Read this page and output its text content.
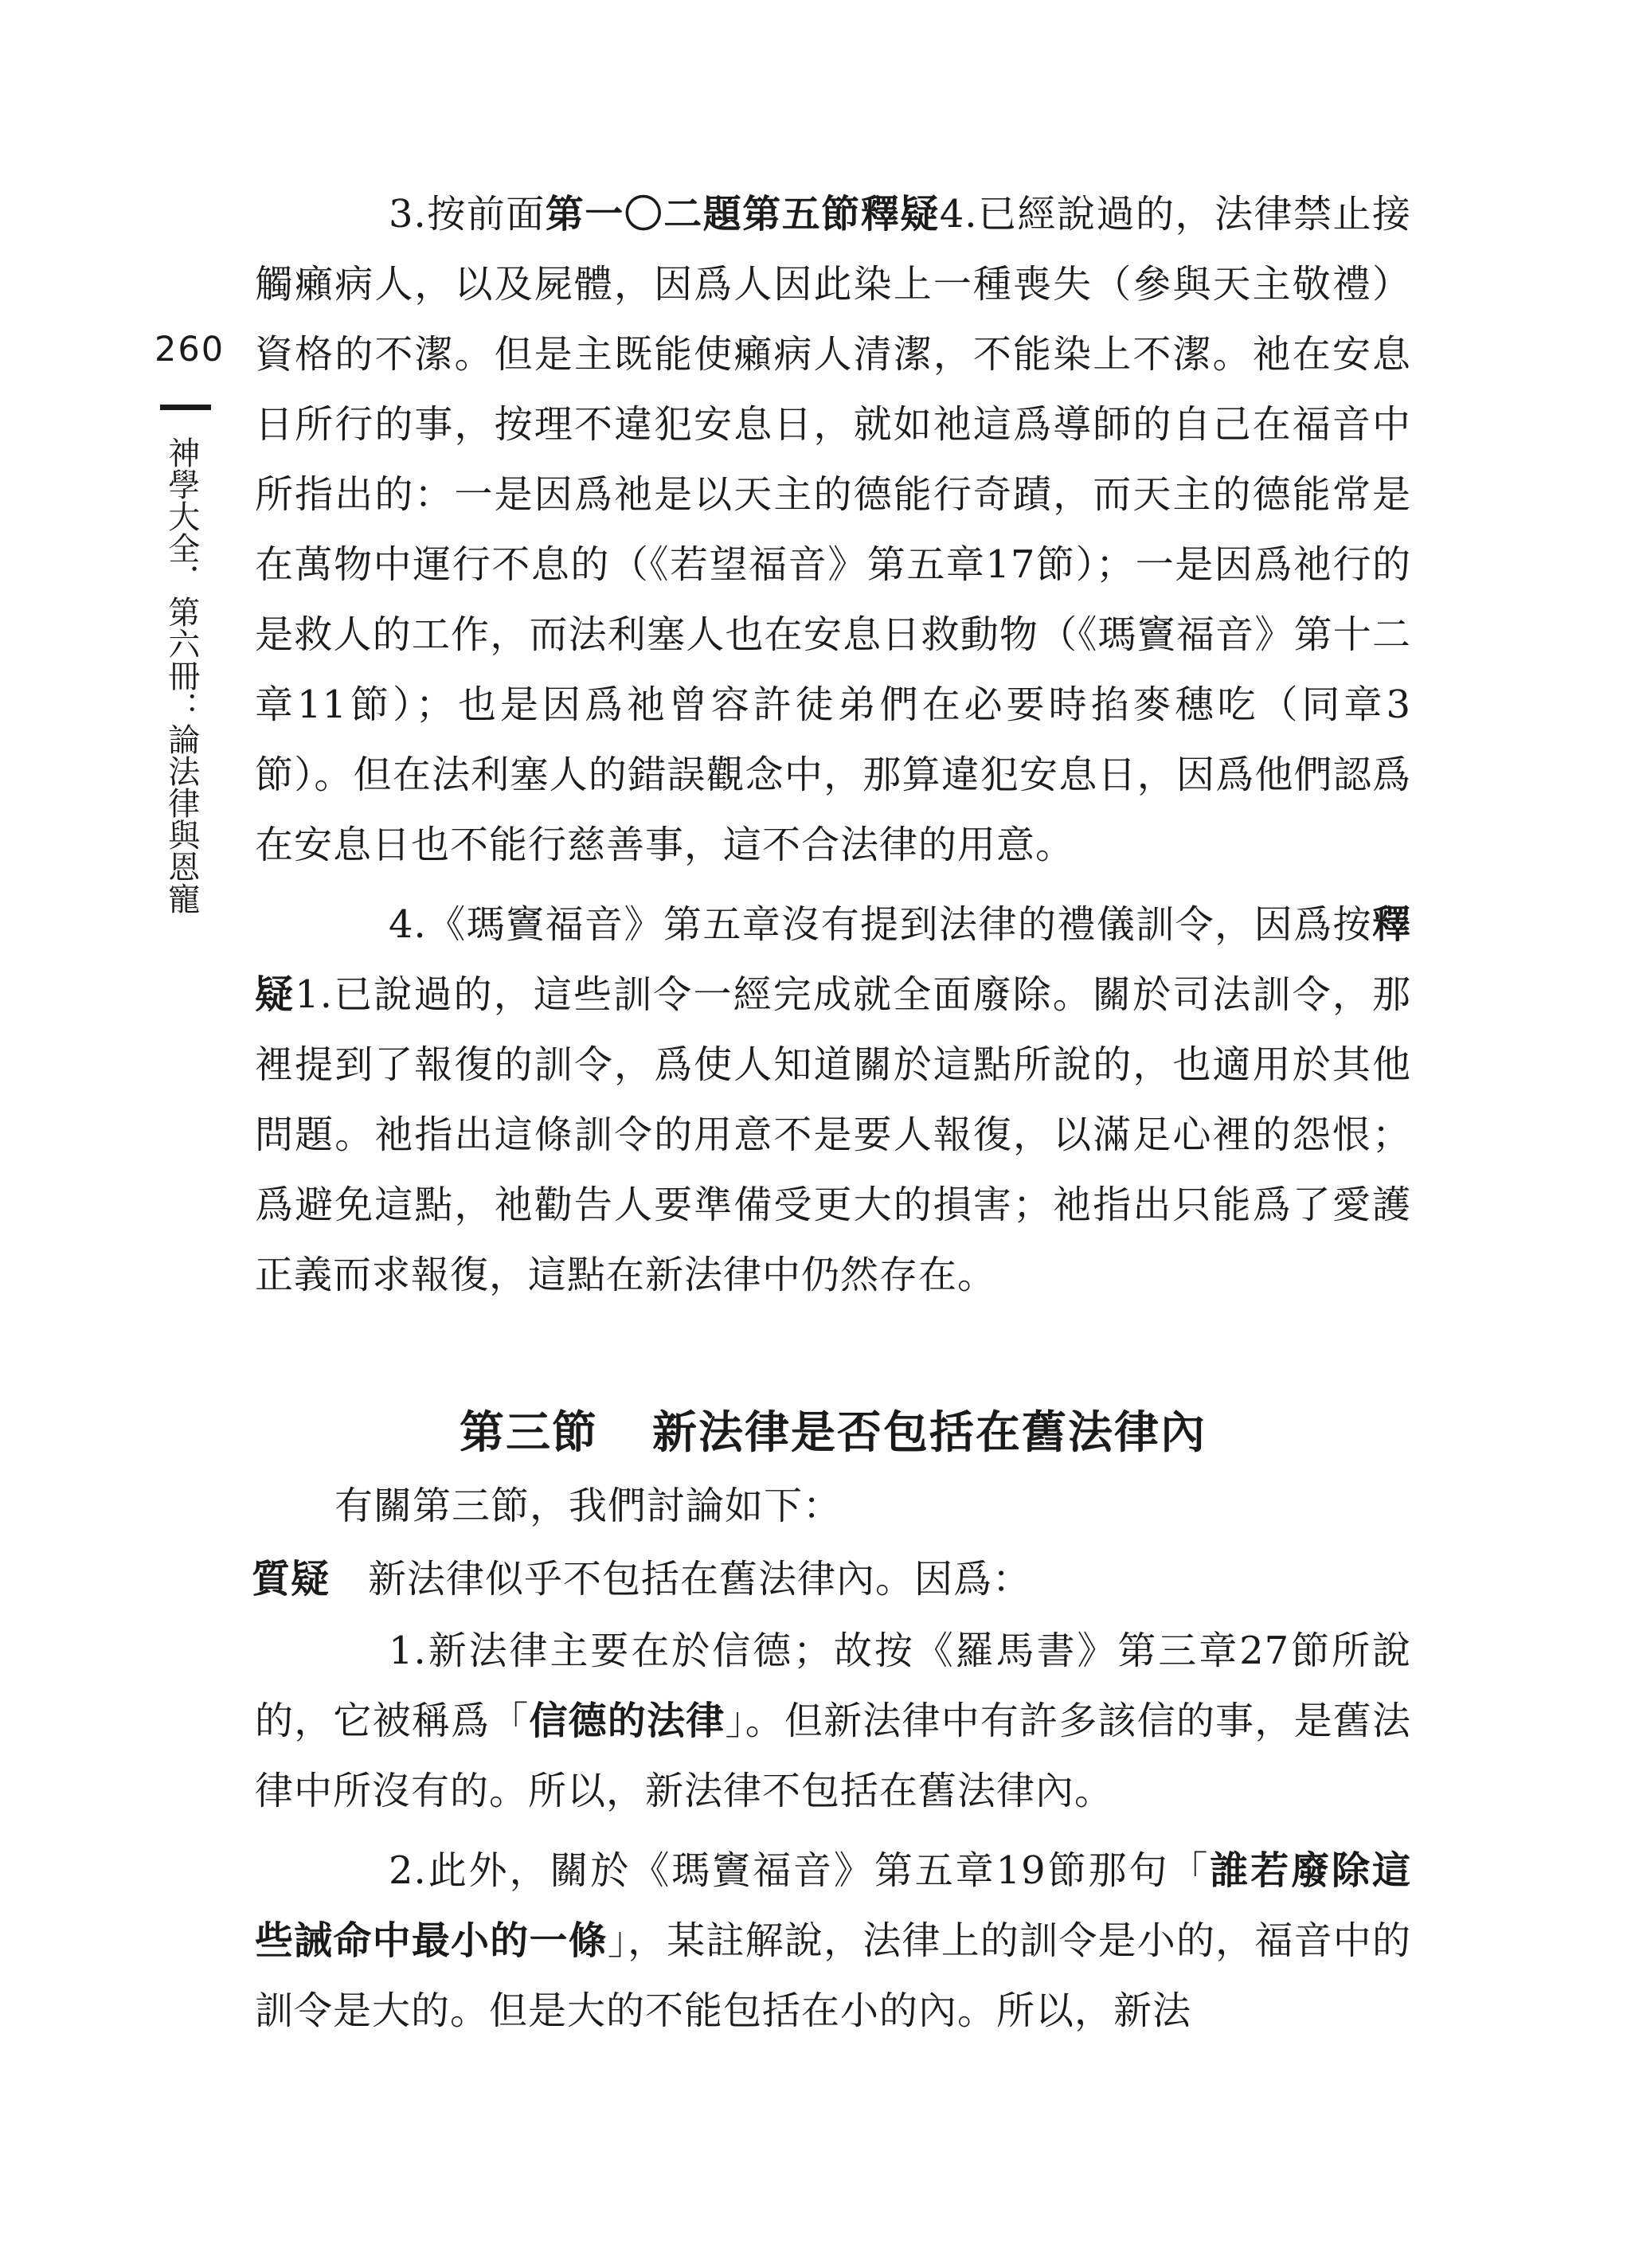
260
神學大全．第六冊：論法律與恩寵

3.按前面第一〇二題第五節釋疑4.已經說過的，法律禁止接觸癩病人，以及屍體，因爲人因此染上一種喪失（參與天主敬禮）資格的不潔。但是主既能使癩病人清潔，不能染上不潔。祂在安息日所行的事，按理不違犯安息日，就如祂這爲導師的自己在福音中所指出的：一是因爲祂是以天主的德能行奇蹟，而天主的德能常是在萬物中運行不息的（《若望福音》第五章17節）；一是因爲祂行的是救人的工作，而法利塞人也在安息日救動物（《瑪竇福音》第十二章11節）；也是因爲祂曾容許徒弟們在必要時掐麥穗吃（同章3節）。但在法利塞人的錯誤觀念中，那算違犯安息日，因爲他們認爲在安息日也不能行慈善事，這不合法律的用意。

4.《瑪竇福音》第五章沒有提到法律的禮儀訓令，因爲按釋疑1.已說過的，這些訓令一經完成就全面廢除。關於司法訓令，那裡提到了報復的訓令，爲使人知道關於這點所說的，也適用於其他問題。祂指出這條訓令的用意不是要人報復，以滿足心裡的怨恨；爲避免這點，祂勸告人要準備受更大的損害；祂指出只能爲了愛護正義而求報復，這點在新法律中仍然存在。

第三節 新法律是否包括在舊法律內

有關第三節，我們討論如下：

質疑 新法律似乎不包括在舊法律內。因爲：

1.新法律主要在於信德；故按《羅馬書》第三章27節所說的，它被稱爲「信德的法律」。但新法律中有許多該信的事，是舊法律中所沒有的。所以，新法律不包括在舊法律內。

2.此外，關於《瑪竇福音》第五章19節那句「誰若廢除這些誡命中最小的一條」，某註解說，法律上的訓令是小的，福音中的訓令是大的。但是大的不能包括在小的內。所以，新法
